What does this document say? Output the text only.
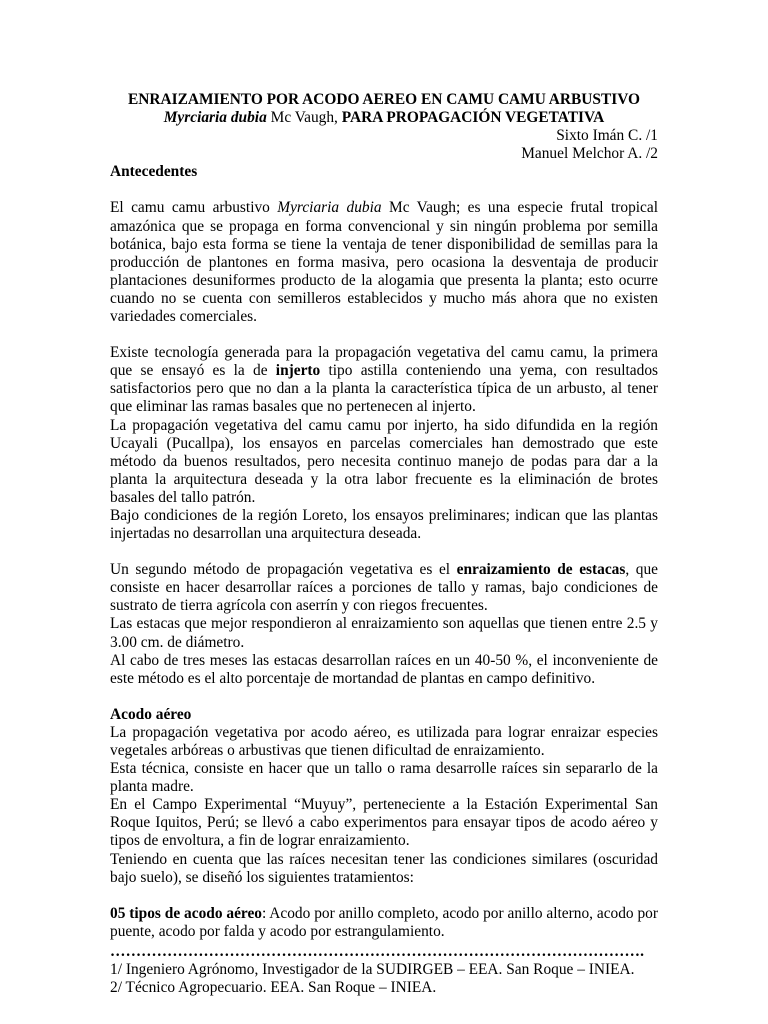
ENRAIZAMIENTO POR ACODO AEREO EN CAMU CAMU ARBUSTIVO
Myrciaria dubia Mc Vaugh, PARA PROPAGACIÓN VEGETATIVA
Sixto Imán C. /1
Manuel Melchor A. /2
Antecedentes

El camu camu arbustivo Myrciaria dubia Mc Vaugh; es una especie frutal tropical amazónica que se propaga en forma convencional y sin ningún problema por semilla botánica, bajo esta forma se tiene la ventaja de tener disponibilidad de semillas para la producción de plantones en forma masiva, pero ocasiona la desventaja de producir plantaciones desuniformes producto de la alogamia que presenta la planta; esto ocurre cuando no se cuenta con semilleros establecidos y mucho más ahora que no existen variedades comerciales.

Existe tecnología generada para la propagación vegetativa del camu camu, la primera que se ensayó es la de injerto tipo astilla conteniendo una yema, con resultados satisfactorios pero que no dan a la planta la característica típica de un arbusto, al tener que eliminar las ramas basales que no pertenecen al injerto.

La propagación vegetativa del camu camu por injerto, ha sido difundida en la región Ucayali (Pucallpa), los ensayos en parcelas comerciales han demostrado que este método da buenos resultados, pero necesita continuo manejo de podas para dar a la planta la arquitectura deseada y la otra labor frecuente es la eliminación de brotes basales del tallo patrón.

Bajo condiciones de la región Loreto, los ensayos preliminares; indican que las plantas injertadas no desarrollan una arquitectura deseada.

Un segundo método de propagación vegetativa es el enraizamiento de estacas, que consiste en hacer desarrollar raíces a porciones de tallo y ramas, bajo condiciones de sustrato de tierra agrícola con aserrín y con riegos frecuentes.

Las estacas que mejor respondieron al enraizamiento son aquellas que tienen entre 2.5 y 3.00 cm. de diámetro.

Al cabo de tres meses las estacas desarrollan raíces en un 40-50 %, el inconveniente de este método es el alto porcentaje de mortandad de plantas en campo definitivo.

Acodo aéreo

La propagación vegetativa por acodo aéreo, es utilizada para lograr enraizar especies vegetales arbóreas o arbustivas que tienen dificultad de enraizamiento.

Esta técnica, consiste en hacer que un tallo o rama desarrolle raíces sin separarlo de la planta madre.

En el Campo Experimental “Muyuy”, perteneciente a la Estación Experimental San Roque Iquitos, Perú; se llevó a cabo experimentos para ensayar tipos de acodo aéreo y tipos de envoltura, a fin de lograr enraizamiento.

Teniendo en cuenta que las raíces necesitan tener las condiciones similares (oscuridad bajo suelo), se diseñó los siguientes tratamientos:

05 tipos de acodo aéreo: Acodo por anillo completo, acodo por anillo alterno, acodo por puente, acodo por falda y acodo por estrangulamiento.

………………………………………………………………………………………….
1/ Ingeniero Agrónomo, Investigador de la SUDIRGEB – EEA. San Roque – INIEA.
2/ Técnico Agropecuario. EEA. San Roque – INIEA.
